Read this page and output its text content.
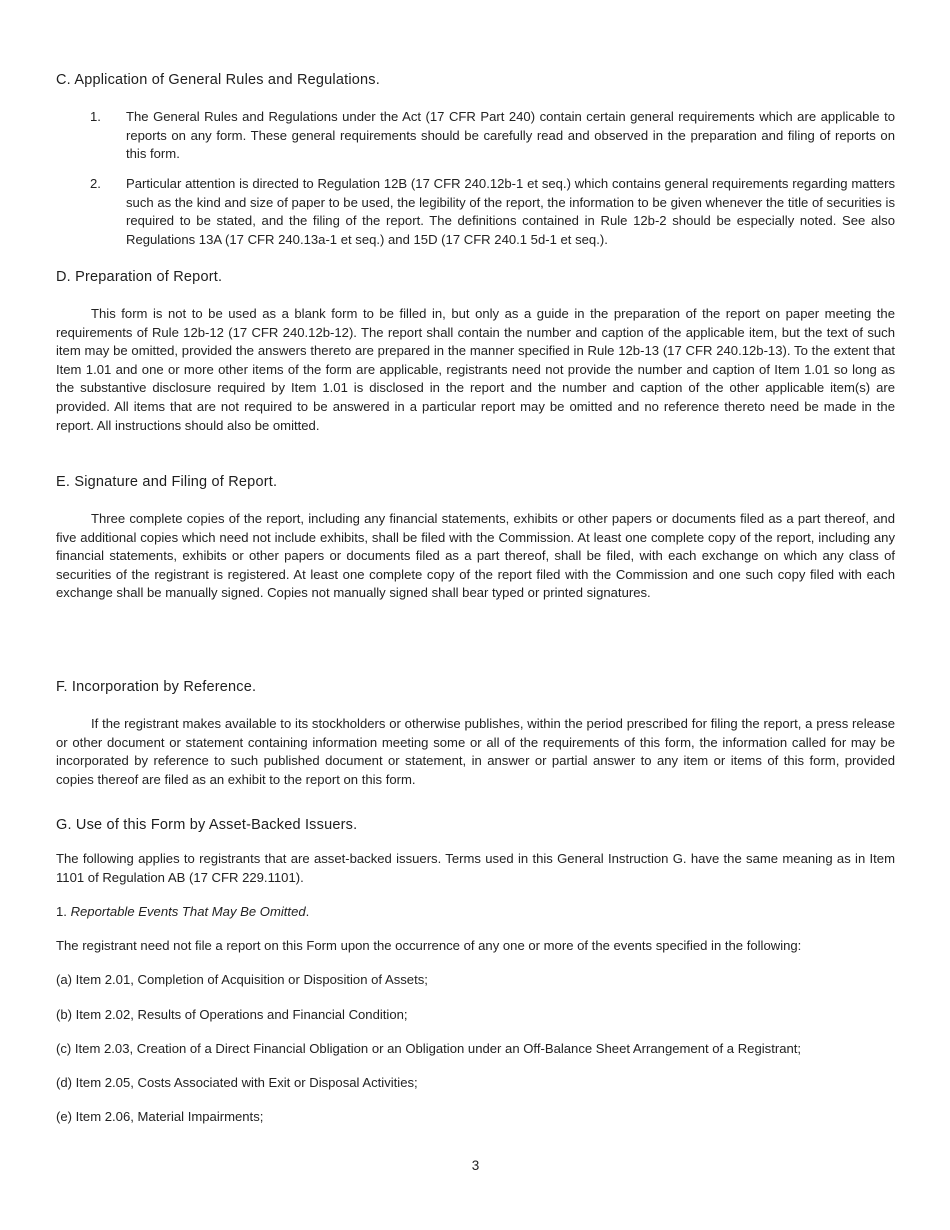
C. Application of General Rules and Regulations.
1. The General Rules and Regulations under the Act (17 CFR Part 240) contain certain general requirements which are applicable to reports on any form. These general requirements should be carefully read and observed in the preparation and filing of reports on this form.

2. Particular attention is directed to Regulation 12B (17 CFR 240.12b-1 et seq.) which contains general requirements regarding matters such as the kind and size of paper to be used, the legibility of the report, the information to be given whenever the title of securities is required to be stated, and the filing of the report. The definitions contained in Rule 12b-2 should be especially noted. See also Regulations 13A (17 CFR 240.13a-1 et seq.) and 15D (17 CFR 240.1 5d-1 et seq.).

D. Preparation of Report.

This form is not to be used as a blank form to be filled in, but only as a guide in the preparation of the report on paper meeting the requirements of Rule 12b-12 (17 CFR 240.12b-12). The report shall contain the number and caption of the applicable item, but the text of such item may be omitted, provided the answers thereto are prepared in the manner specified in Rule 12b-13 (17 CFR 240.12b-13). To the extent that Item 1.01 and one or more other items of the form are applicable, registrants need not provide the number and caption of Item 1.01 so long as the substantive disclosure required by Item 1.01 is disclosed in the report and the number and caption of the other applicable item(s) are provided. All items that are not required to be answered in a particular report may be omitted and no reference thereto need be made in the report. All instructions should also be omitted.

E. Signature and Filing of Report.

Three complete copies of the report, including any financial statements, exhibits or other papers or documents filed as a part thereof, and five additional copies which need not include exhibits, shall be filed with the Commission. At least one complete copy of the report, including any financial statements, exhibits or other papers or documents filed as a part thereof, shall be filed, with each exchange on which any class of securities of the registrant is registered. At least one complete copy of the report filed with the Commission and one such copy filed with each exchange shall be manually signed. Copies not manually signed shall bear typed or printed signatures.

F. Incorporation by Reference.

If the registrant makes available to its stockholders or otherwise publishes, within the period prescribed for filing the report, a press release or other document or statement containing information meeting some or all of the requirements of this form, the information called for may be incorporated by reference to such published document or statement, in answer or partial answer to any item or items of this form, provided copies thereof are filed as an exhibit to the report on this form.

G. Use of this Form by Asset-Backed Issuers.

The following applies to registrants that are asset-backed issuers. Terms used in this General Instruction G. have the same meaning as in Item 1101 of Regulation AB (17 CFR 229.1101).

1. Reportable Events That May Be Omitted.
The registrant need not file a report on this Form upon the occurrence of any one or more of the events specified in the following:
(a) Item 2.01, Completion of Acquisition or Disposition of Assets;
(b) Item 2.02, Results of Operations and Financial Condition;
(c) Item 2.03, Creation of a Direct Financial Obligation or an Obligation under an Off-Balance Sheet Arrangement of a Registrant;
(d) Item 2.05, Costs Associated with Exit or Disposal Activities;
(e) Item 2.06, Material Impairments;
3
